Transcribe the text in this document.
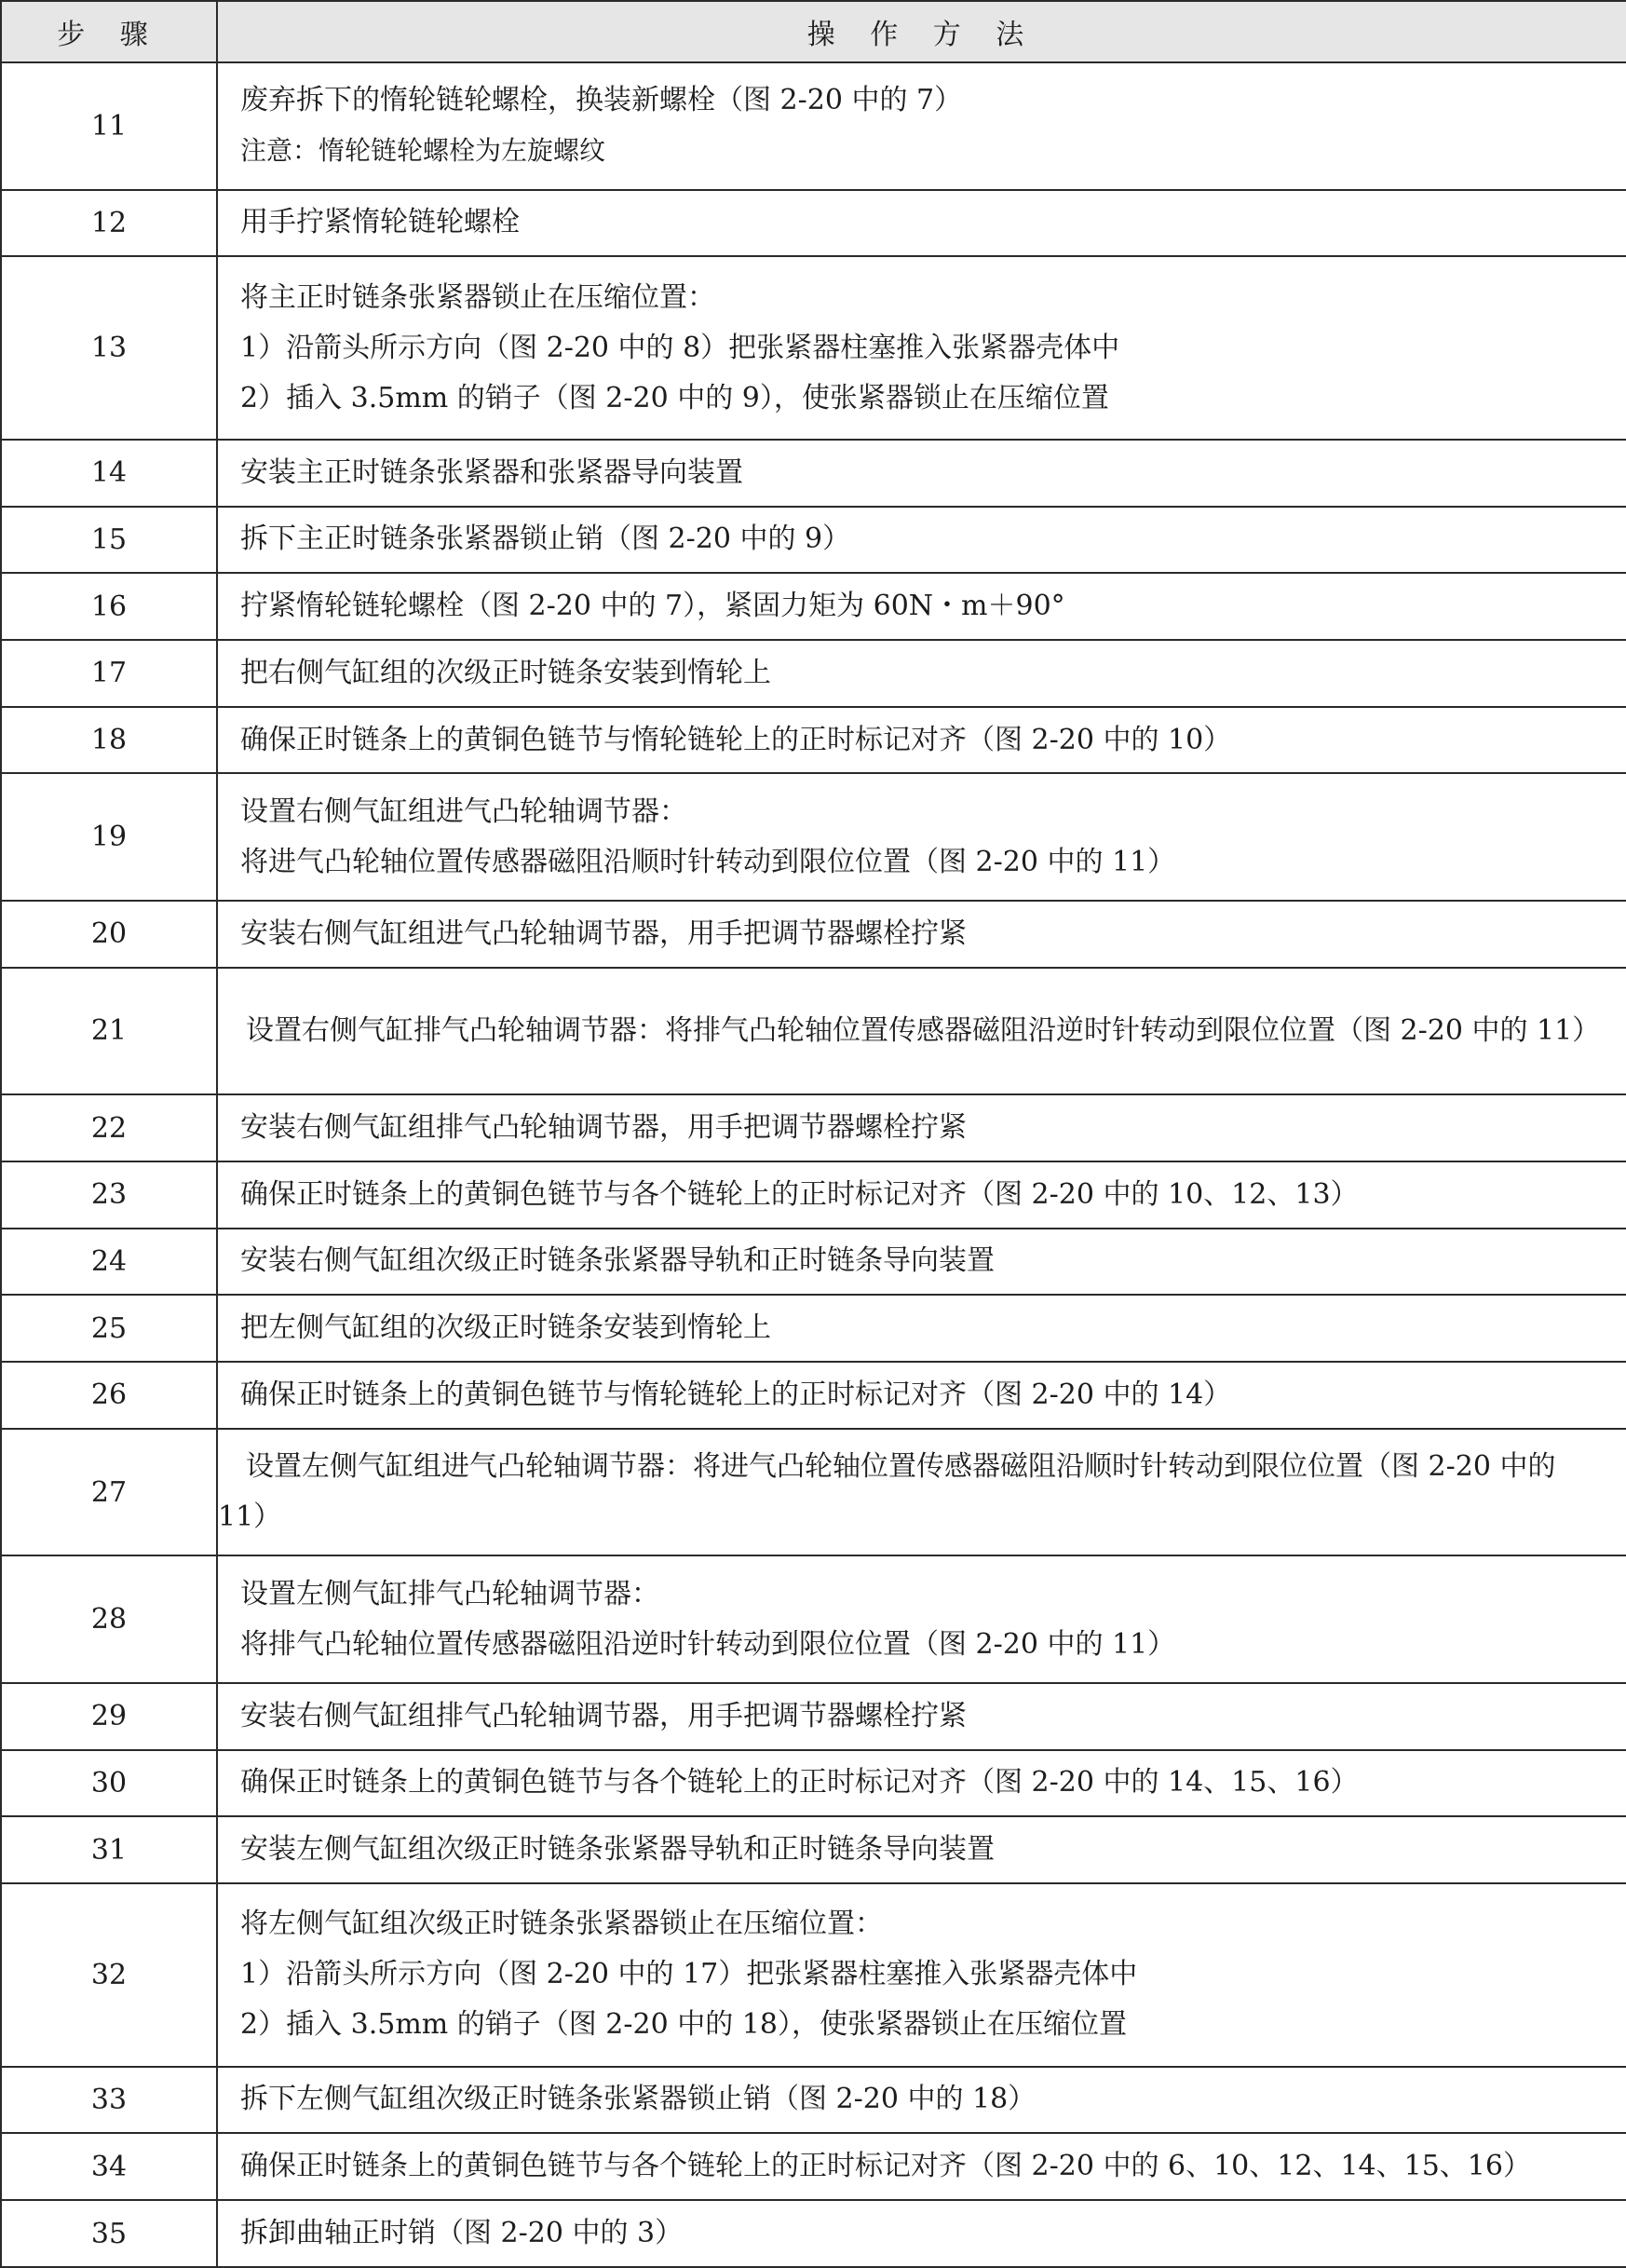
步 骤	操 作 方 法
11	废弃拆下的惰轮链轮螺栓，换装新螺栓（图 2-20 中的 7）
注意：惰轮链轮螺栓为左旋螺纹

12	用手拧紧惰轮链轮螺栓

13	将主正时链条张紧器锁止在压缩位置：
1）沿箭头所示方向（图 2-20 中的 8）把张紧器柱塞推入张紧器壳体中
2）插入 3.5mm 的销子（图 2-20 中的 9），使张紧器锁止在压缩位置

14	安装主正时链条张紧器和张紧器导向装置

15	拆下主正时链条张紧器锁止销（图 2-20 中的 9）

16	拧紧惰轮链轮螺栓（图 2-20 中的 7），紧固力矩为 60N・m＋90°

17	把右侧气缸组的次级正时链条安装到惰轮上

18	确保正时链条上的黄铜色链节与惰轮链轮上的正时标记对齐（图 2-20 中的 10）

19	设置右侧气缸组进气凸轮轴调节器：
将进气凸轮轴位置传感器磁阻沿顺时针转动到限位位置（图 2-20 中的 11）

20	安装右侧气缸组进气凸轮轴调节器，用手把调节器螺栓拧紧

21	设置右侧气缸排气凸轮轴调节器：将排气凸轮轴位置传感器磁阻沿逆时针转动到限位位置（图 2-20 中的 11）

22	安装右侧气缸组排气凸轮轴调节器，用手把调节器螺栓拧紧

23	确保正时链条上的黄铜色链节与各个链轮上的正时标记对齐（图 2-20 中的 10、12、13）

24	安装右侧气缸组次级正时链条张紧器导轨和正时链条导向装置

25	把左侧气缸组的次级正时链条安装到惰轮上

26	确保正时链条上的黄铜色链节与惰轮链轮上的正时标记对齐（图 2-20 中的 14）

27	设置左侧气缸组进气凸轮轴调节器：将进气凸轮轴位置传感器磁阻沿顺时针转动到限位位置（图 2-20 中的 11）

28	设置左侧气缸排气凸轮轴调节器：
将排气凸轮轴位置传感器磁阻沿逆时针转动到限位位置（图 2-20 中的 11）

29	安装右侧气缸组排气凸轮轴调节器，用手把调节器螺栓拧紧

30	确保正时链条上的黄铜色链节与各个链轮上的正时标记对齐（图 2-20 中的 14、15、16）

31	安装左侧气缸组次级正时链条张紧器导轨和正时链条导向装置

32	将左侧气缸组次级正时链条张紧器锁止在压缩位置：
1）沿箭头所示方向（图 2-20 中的 17）把张紧器柱塞推入张紧器壳体中
2）插入 3.5mm 的销子（图 2-20 中的 18），使张紧器锁止在压缩位置

33	拆下左侧气缸组次级正时链条张紧器锁止销（图 2-20 中的 18）

34	确保正时链条上的黄铜色链节与各个链轮上的正时标记对齐（图 2-20 中的 6、10、12、14、15、16）

35	拆卸曲轴正时销（图 2-20 中的 3）
